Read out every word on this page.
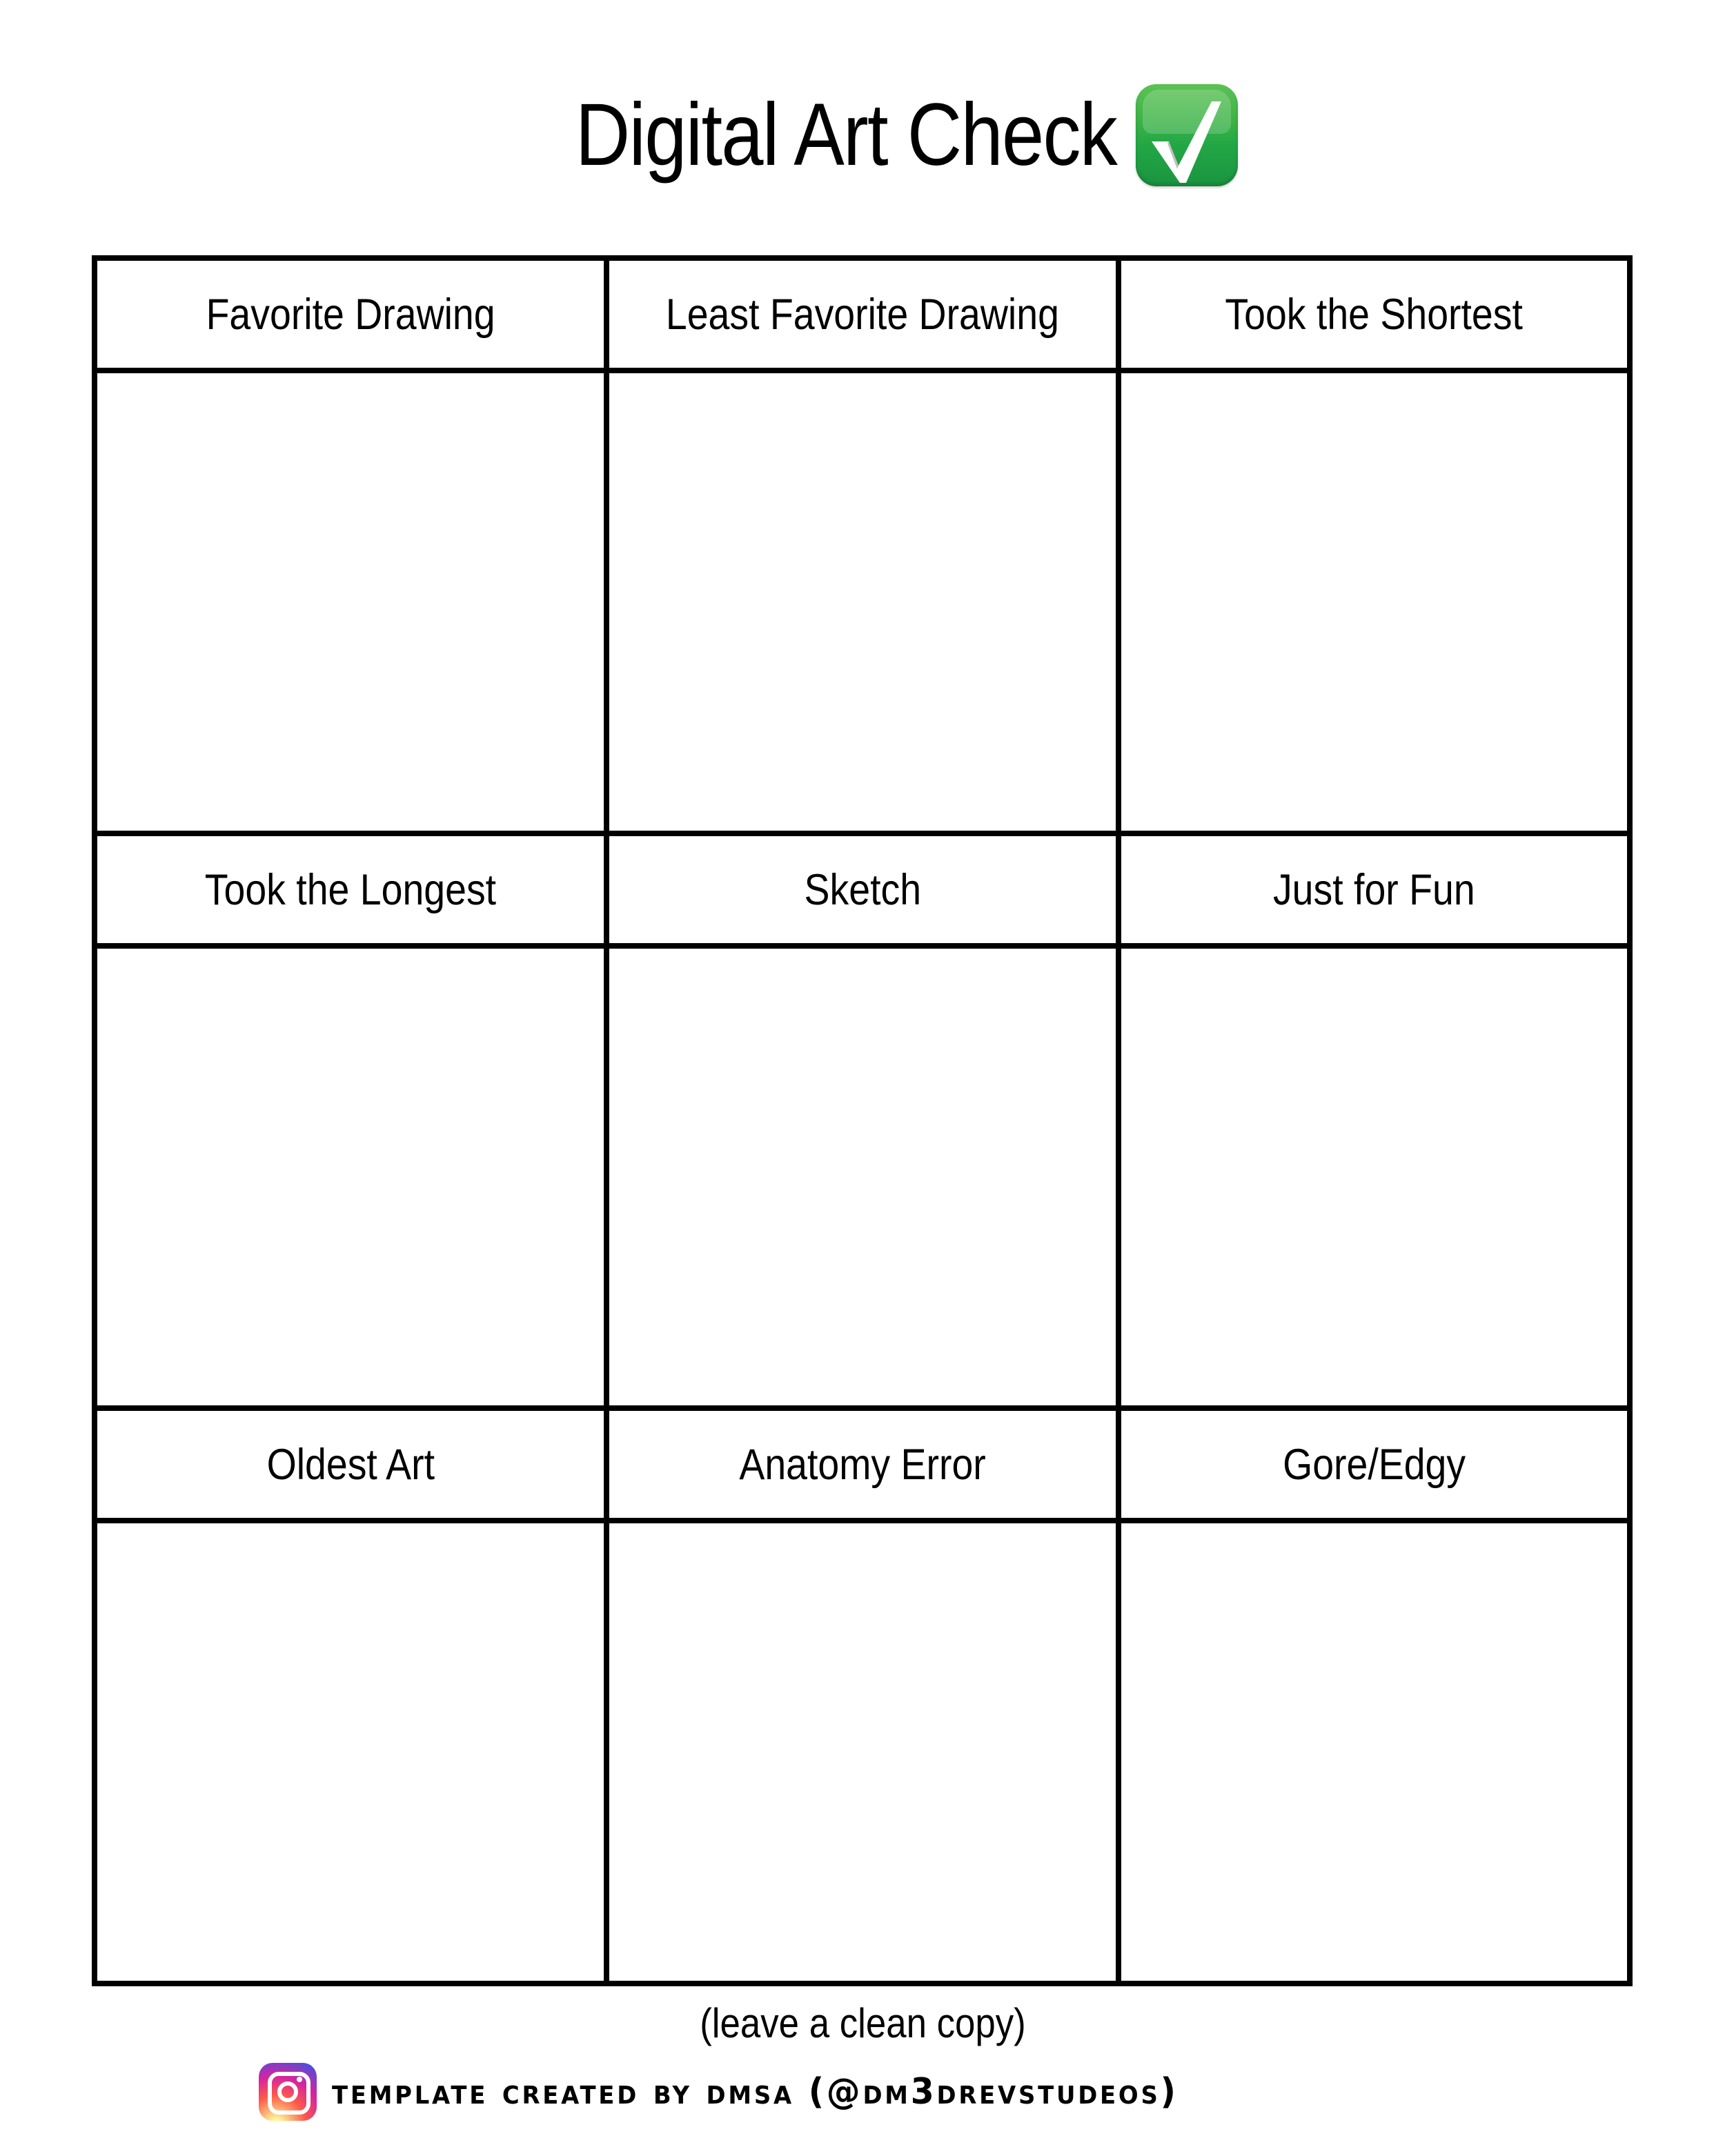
Digital Art Check
Favorite Drawing	Least Favorite Drawing	Took the Shortest
Took the Longest	Sketch	Just for Fun
Oldest Art	Anatomy Error	Gore/Edgy
(leave a clean copy)
template created by dmsa (@dm3drevstudeos)
